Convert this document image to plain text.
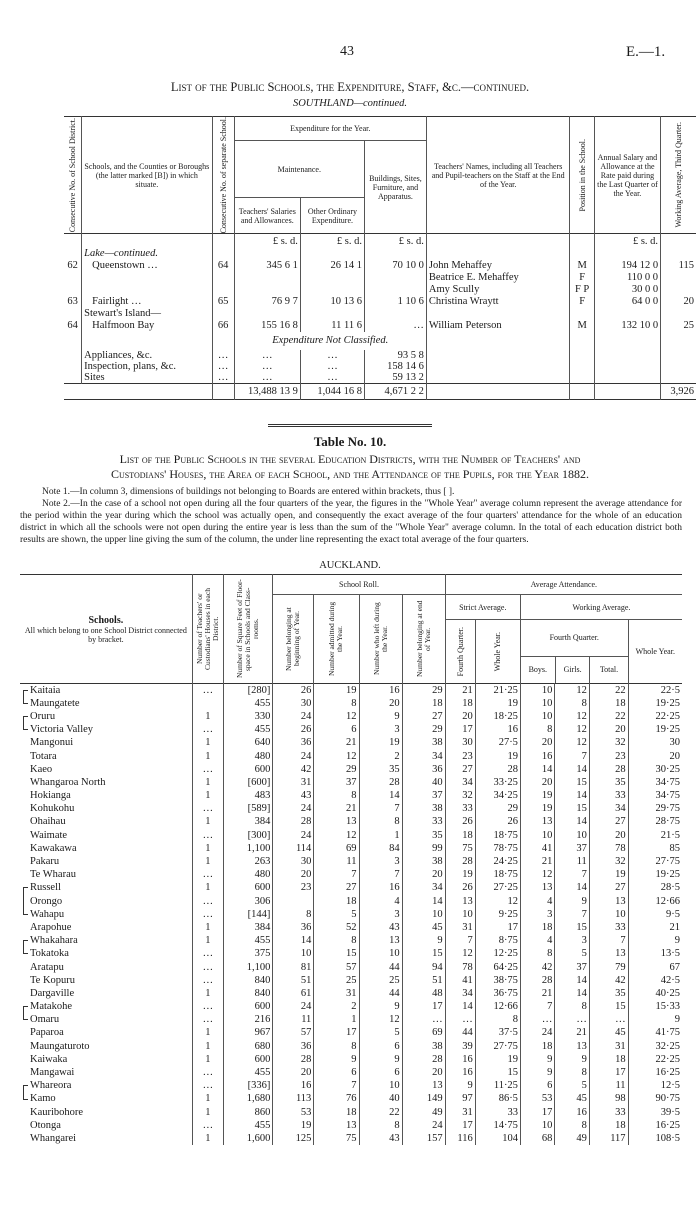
43	E.—1.
List of the Public Schools, the Expenditure, Staff, &c.—continued.
SOUTHLAND—continued.
Consecutive No. of School District.	Schools, and the Counties or Boroughs (the latter marked [B]) in which situate.	Consecutive No. of separate School.	Expenditure for the Year.			Teachers' Names, including all Teachers and Pupil-teachers on the Staff at the End of the Year.	Position in the School.	Annual Salary and Allowance at the Rate paid during the Last Quarter of the Year.	Working Average, Third Quarter.

			Maintenance.		Buildings, Sites, Furniture, and Apparatus.				
			Teachers' Salaries and Allowances.	Other Ordinary Expenditure.					
			£ s. d.	£ s. d.	£ s. d.			£ s. d.	
	Lake—continued.								
62	Queenstown …	64	345 6 1	26 14 1	70 10 0	John Mehaffey	M	194 12 0	115
						Beatrice E. Mehaffey	F	110 0 0	
						Amy Scully	F P	30 0 0	
63	Fairlight …	65	76 9 7	10 13 6	1 10 6	Christina Wraytt	F	64 0 0	20
	Stewart's Island—								
64	Halfmoon Bay	66	155 16 8	11 11 6	…	William Peterson	M	132 10 0	25
			Expenditure Not Classified.						
	Appliances, &c.	…	…	…	93 5 8				
	Inspection, plans, &c.	…	…	…	158 14 6				
	Sites	…	…	…	59 13 2				
			13,488 13 9	1,044 16 8	4,671 2 2				3,926
Table No. 10.
List of the Public Schools in the several Education Districts, with the Number of Teachers' and
Custodians' Houses, the Area of each School, and the Attendance of the Pupils, for the Year 1882.
Note 1.—In column 3, dimensions of buildings not belonging to Boards are entered within brackets, thus [ ].
Note 2.—In the case of a school not open during all the four quarters of the year, the figures in the "Whole Year" average column represent the average attendance for the period within the year during which the school was actually open, and consequently the exact average of the four quarters' attendance for the whole of an education district in which all the schools were not open during the entire year is less than the sum of the "Whole Year" average column. In the total of each education district both results are shown, the upper line giving the sum of the column, the under line representing the exact total average of the four quarters.
AUCKLAND.
Schools.
All which belong to one School District connected by bracket.	Number of Teachers' or Custodians' Houses in each District.	Number of Square Feet of Floor-space in Schools and Class-rooms.	School Roll.				Average Attendance.					

			Number belonging at beginning of Year.	Number admitted during the Year.	Number who left during the Year.	Number belonging at end of Year.	Strict Average.		Working Average.			

							Fourth Quarter.	Whole Year.	Fourth Quarter.
Boys. Girls. Total.			Whole Year.
Kaitaia	…	[280]	26	19	16	29	21	21·25	10	12	22	22·5
Maungatete		455	30	8	20	18	18	19	10	8	18	19·25
Oruru	1	330	24	12	9	27	20	18·25	10	12	22	22·25
Victoria Valley	…	455	26	6	3	29	17	16	8	12	20	19·25
Mangonui	1	640	36	21	19	38	30	27·5	20	12	32	30
Totara	1	480	24	12	2	34	23	19	16	7	23	20
Kaeo	…	600	42	29	35	36	27	28	14	14	28	30·25
Whangaroa North	1	[600]	31	37	28	40	34	33·25	20	15	35	34·75
Hokianga	1	483	43	8	14	37	32	34·25	19	14	33	34·75
Kohukohu	…	[589]	24	21	7	38	33	29	19	15	34	29·75
Ohaihau	1	384	28	13	8	33	26	26	13	14	27	28·75
Waimate	…	[300]	24	12	1	35	18	18·75	10	10	20	21·5
Kawakawa	1	1,100	114	69	84	99	75	78·75	41	37	78	85
Pakaru	1	263	30	11	3	38	28	24·25	21	11	32	27·75
Te Wharau	…	480	20	7	7	20	19	18·75	12	7	19	19·25
Russell	1	600	23	27	16	34	26	27·25	13	14	27	28·5
Orongo	…	306		18	4	14	13	12	4	9	13	12·66
Wahapu	…	[144]	8	5	3	10	10	9·25	3	7	10	9·5
Arapohue	1	384	36	52	43	45	31	17	18	15	33	21
Whakahara	1	455	14	8	13	9	7	8·75	4	3	7	9
Tokatoka	…	375	10	15	10	15	12	12·25	8	5	13	13·5
Aratapu	…	1,100	81	57	44	94	78	64·25	42	37	79	67
Te Kopuru	…	840	51	25	25	51	41	38·75	28	14	42	42·5
Dargaville	1	840	61	31	44	48	34	36·75	21	14	35	40·25
Matakohe	…	600	24	2	9	17	14	12·66	7	8	15	15·33
Omaru	…	216	11	1	12	…	…	8	…	…	…	9
Paparoa	1	967	57	17	5	69	44	37·5	24	21	45	41·75
Maungaturoto	1	680	36	8	6	38	39	27·75	18	13	31	32·25
Kaiwaka	1	600	28	9	9	28	16	19	9	9	18	22·25
Mangawai	…	455	20	6	6	20	16	15	9	8	17	16·25
Whareora	…	[336]	16	7	10	13	9	11·25	6	5	11	12·5
Kamo	1	1,680	113	76	40	149	97	86·5	53	45	98	90·75
Kauribohore	1	860	53	18	22	49	31	33	17	16	33	39·5
Otonga	…	455	19	13	8	24	17	14·75	10	8	18	16·25
Whangarei	1	1,600	125	75	43	157	116	104	68	49	117	108·5
